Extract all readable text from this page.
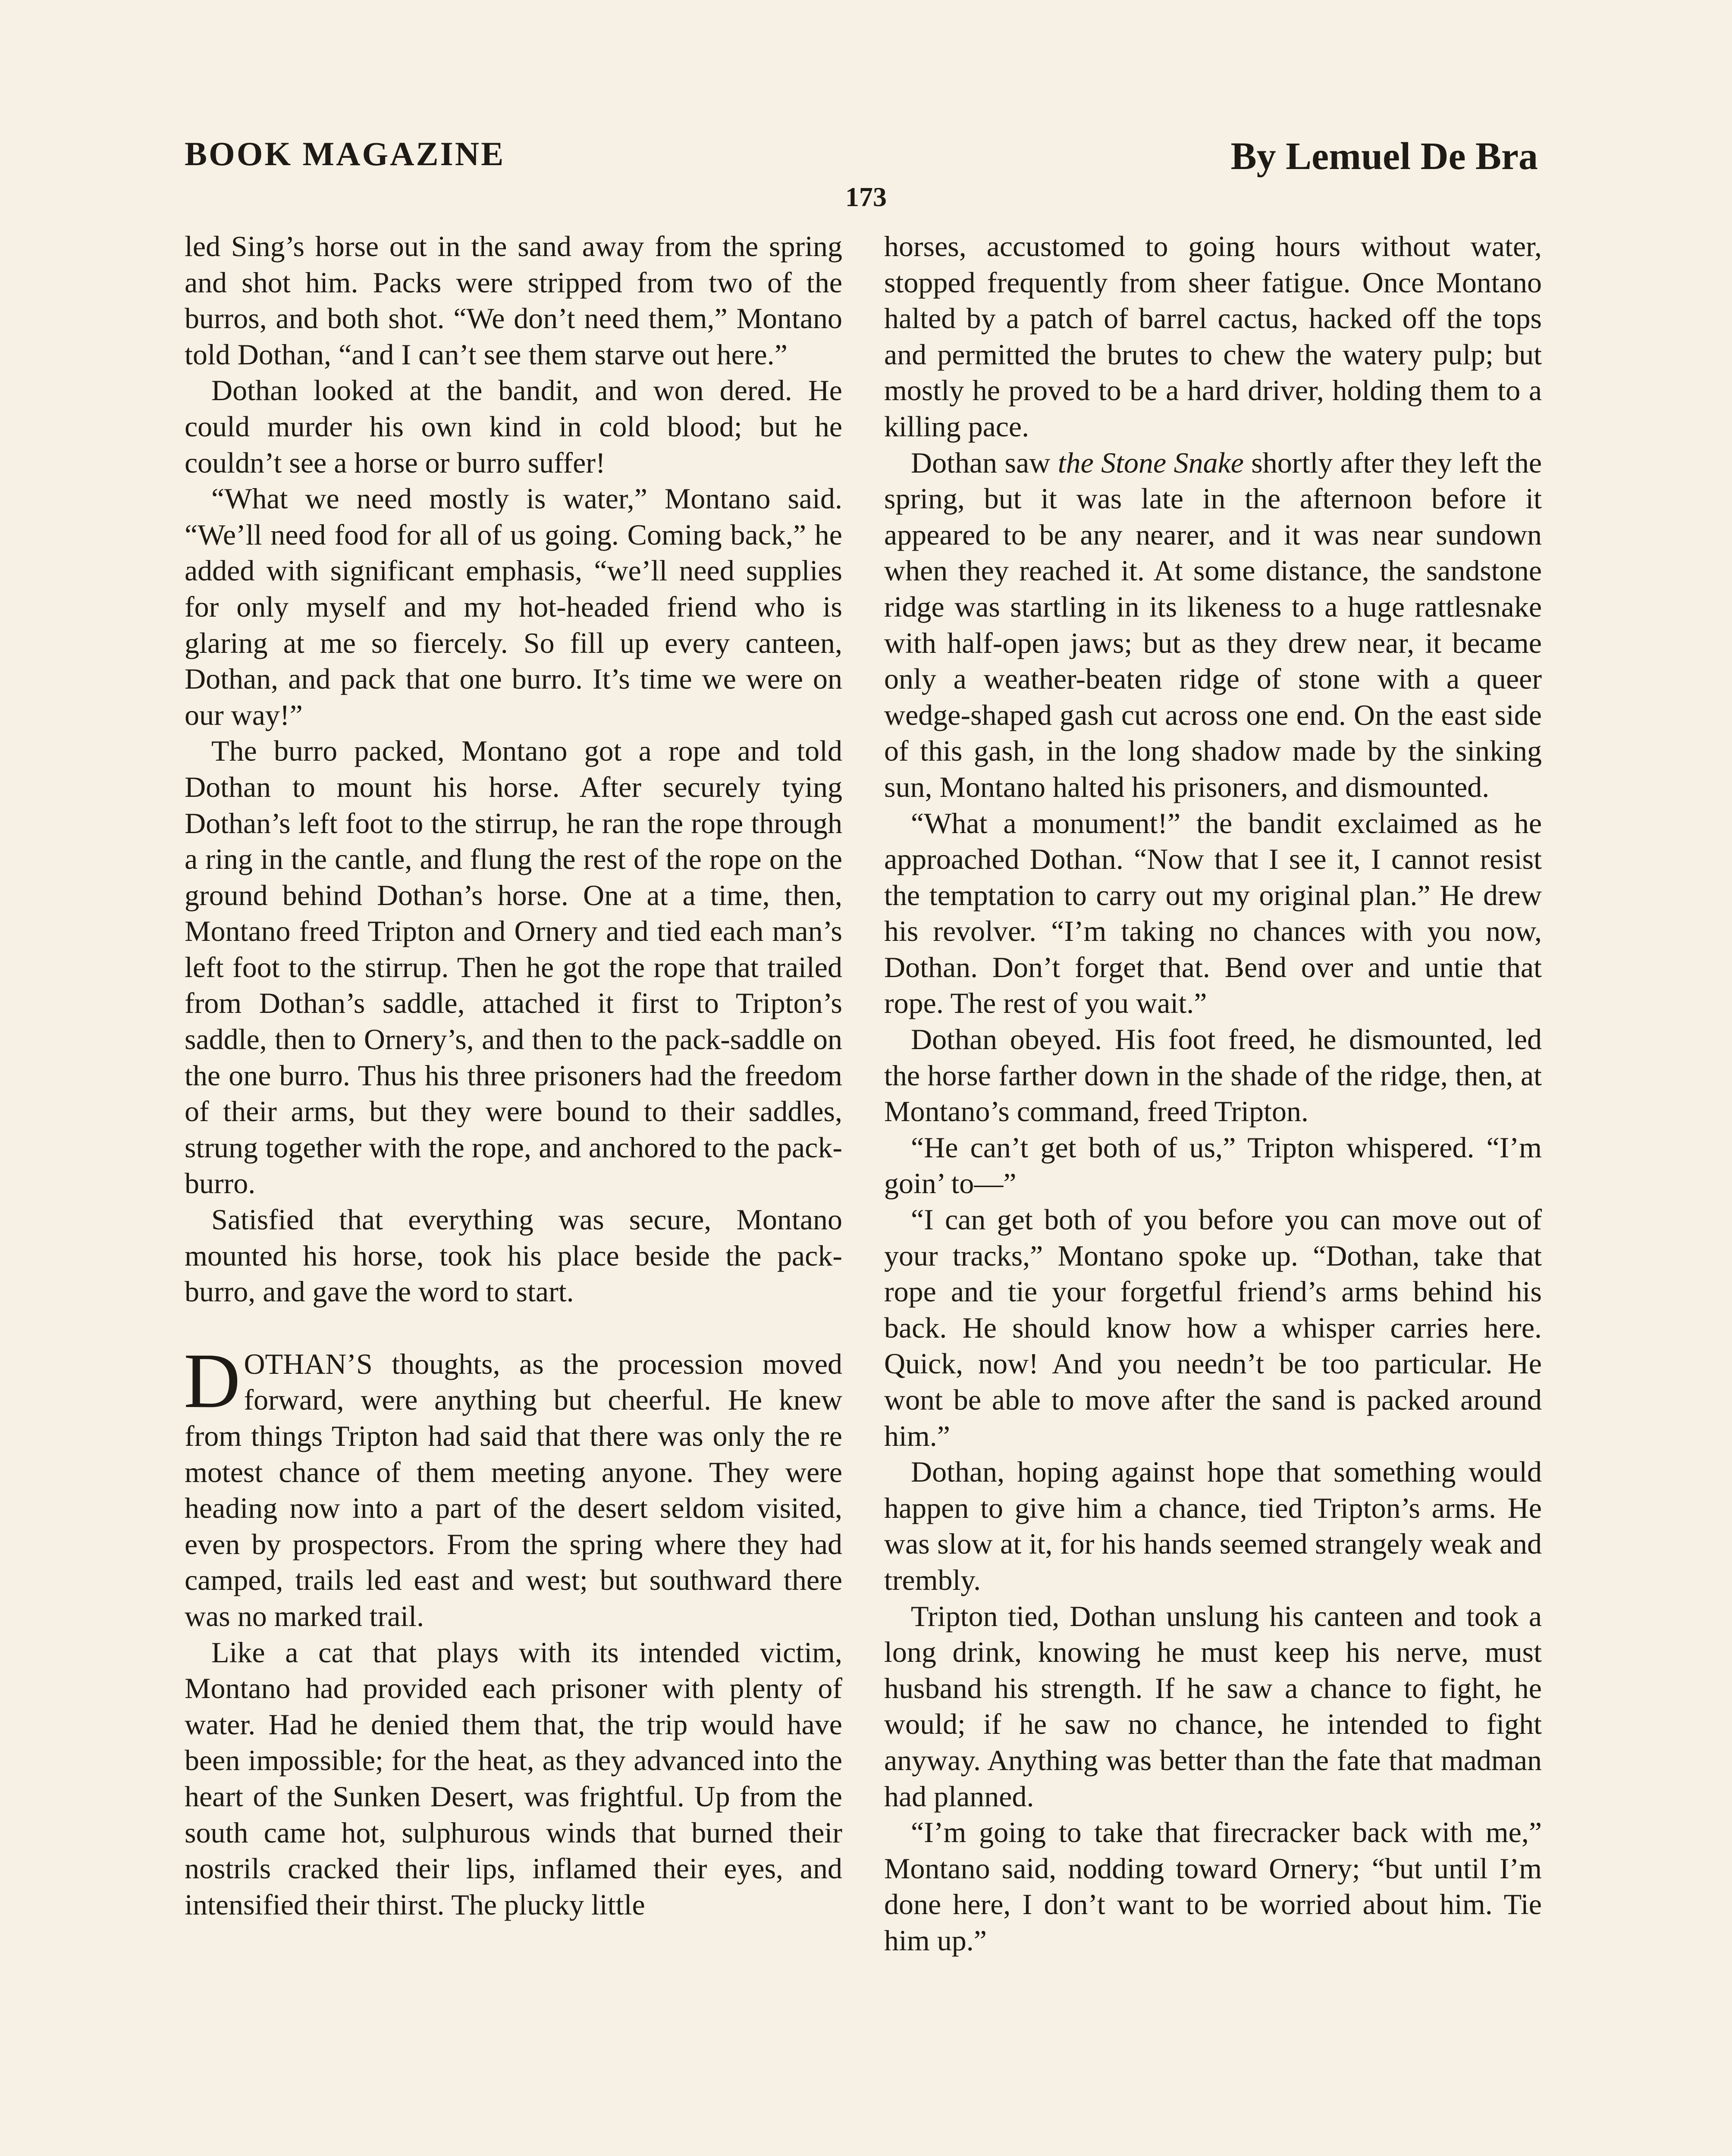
BOOK MAGAZINE	By Lemuel De Bra
173

led Sing’s horse out in the sand away from the spring and shot him. Packs were stripped from two of the burros, and both shot. “We don’t need them,” Montano told Dothan, “and I can’t see them starve out here.”

Dothan looked at the bandit, and won dered. He could murder his own kind in cold blood; but he couldn’t see a horse or burro suffer!

“What we need mostly is water,” Montano said. “We’ll need food for all of us going. Coming back,” he added with significant emphasis, “we’ll need supplies for only myself and my hot-headed friend who is glaring at me so fiercely. So fill up every canteen, Dothan, and pack that one burro. It’s time we were on our way!”

The burro packed, Montano got a rope and told Dothan to mount his horse. After securely tying Dothan’s left foot to the stirrup, he ran the rope through a ring in the cantle, and flung the rest of the rope on the ground behind Dothan’s horse. One at a time, then, Montano freed Tripton and Ornery and tied each man’s left foot to the stirrup. Then he got the rope that trailed from Dothan’s saddle, attached it first to Tripton’s saddle, then to Ornery’s, and then to the pack-saddle on the one burro. Thus his three prisoners had the freedom of their arms, but they were bound to their saddles, strung together with the rope, and anchored to the pack-burro.

Satisfied that everything was secure, Montano mounted his horse, took his place beside the pack-burro, and gave the word to start.

DOTHAN’S thoughts, as the procession moved forward, were anything but cheerful. He knew from things Tripton had said that there was only the re motest chance of them meeting anyone. They were heading now into a part of the desert seldom visited, even by prospectors. From the spring where they had camped, trails led east and west; but southward there was no marked trail.

Like a cat that plays with its intended victim, Montano had provided each prisoner with plenty of water. Had he denied them that, the trip would have been impossible; for the heat, as they advanced into the heart of the Sunken Desert, was frightful. Up from the south came hot, sulphurous winds that burned their nostrils cracked their lips, inflamed their eyes, and intensified their thirst. The plucky little

horses, accustomed to going hours without water, stopped frequently from sheer fatigue. Once Montano halted by a patch of barrel cactus, hacked off the tops and permitted the brutes to chew the watery pulp; but mostly he proved to be a hard driver, holding them to a killing pace.

Dothan saw the Stone Snake shortly after they left the spring, but it was late in the afternoon before it appeared to be any nearer, and it was near sundown when they reached it. At some distance, the sandstone ridge was startling in its likeness to a huge rattlesnake with half-open jaws; but as they drew near, it became only a weather-beaten ridge of stone with a queer wedge-shaped gash cut across one end. On the east side of this gash, in the long shadow made by the sinking sun, Montano halted his prisoners, and dismounted.

“What a monument!” the bandit exclaimed as he approached Dothan. “Now that I see it, I cannot resist the temptation to carry out my original plan.” He drew his revolver. “I’m taking no chances with you now, Dothan. Don’t forget that. Bend over and untie that rope. The rest of you wait.”

Dothan obeyed. His foot freed, he dismounted, led the horse farther down in the shade of the ridge, then, at Montano’s command, freed Tripton.

“He can’t get both of us,” Tripton whispered. “I’m goin’ to—”

“I can get both of you before you can move out of your tracks,” Montano spoke up. “Dothan, take that rope and tie your forgetful friend’s arms behind his back. He should know how a whisper carries here. Quick, now! And you needn’t be too particular. He wont be able to move after the sand is packed around him.”

Dothan, hoping against hope that something would happen to give him a chance, tied Tripton’s arms. He was slow at it, for his hands seemed strangely weak and trembly.

Tripton tied, Dothan unslung his canteen and took a long drink, knowing he must keep his nerve, must husband his strength. If he saw a chance to fight, he would; if he saw no chance, he intended to fight anyway. Anything was better than the fate that madman had planned.

“I’m going to take that firecracker back with me,” Montano said, nodding toward Ornery; “but until I’m done here, I don’t want to be worried about him. Tie him up.”
